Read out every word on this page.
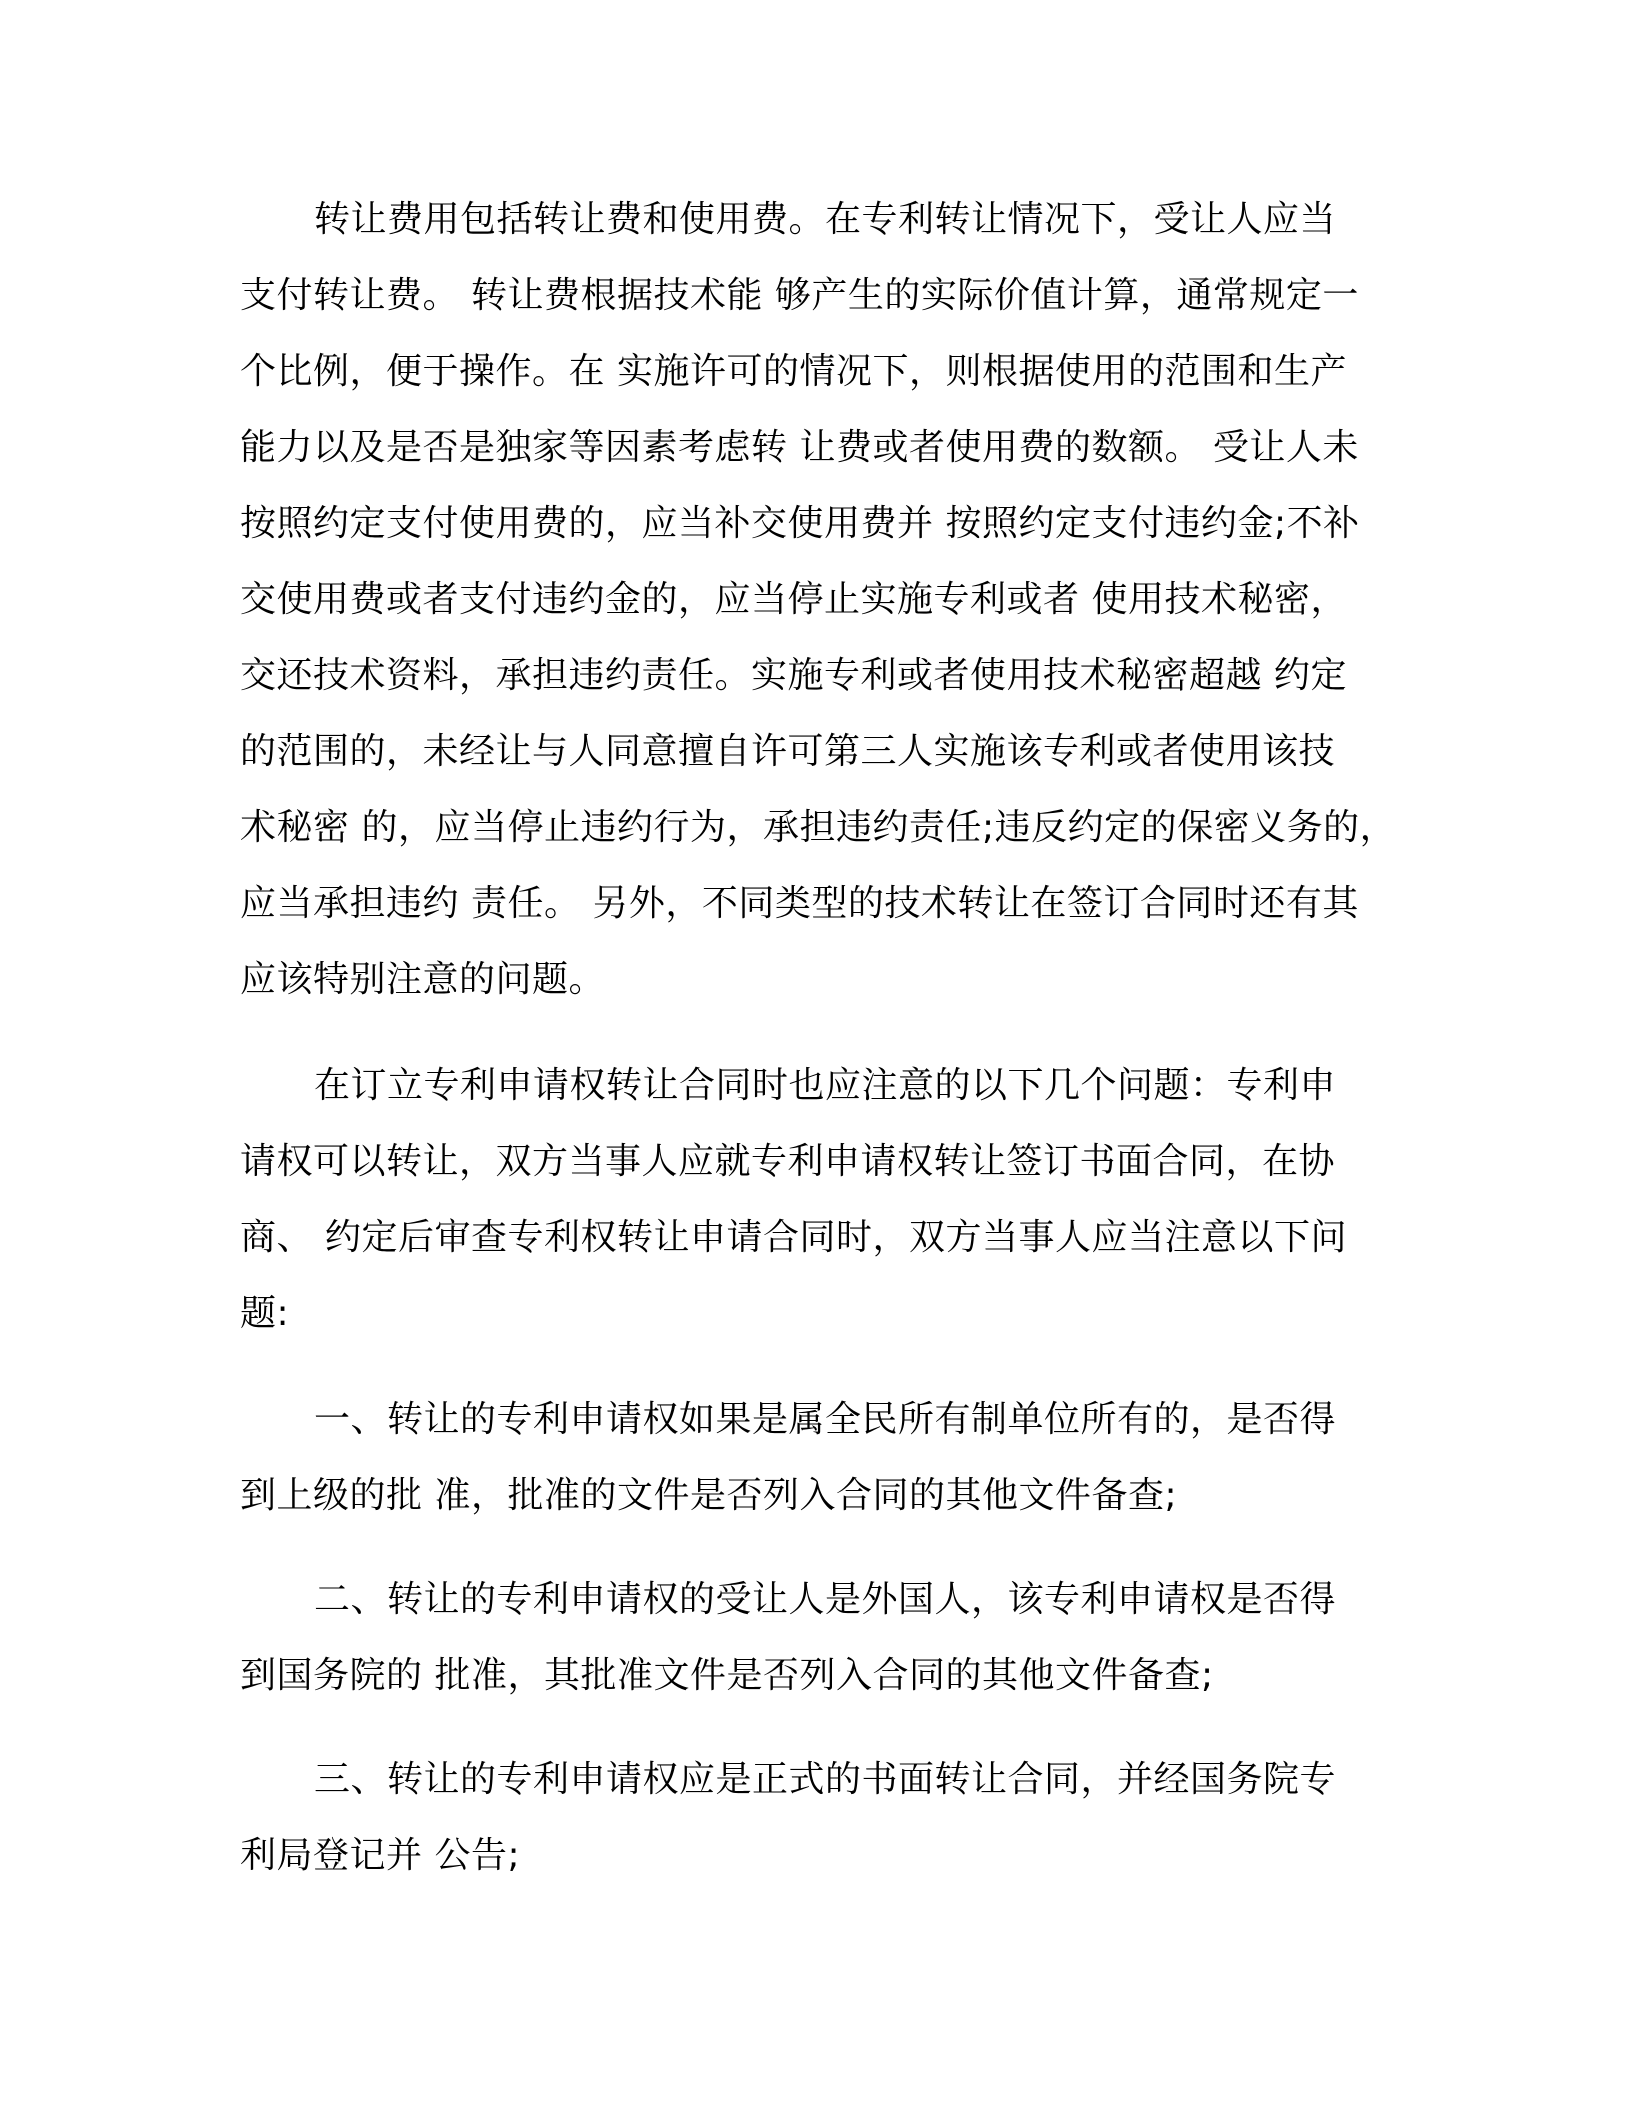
转让费用包括转让费和使用费。在专利转让情况下，受让人应当
支付转让费。 转让费根据技术能 够产生的实际价值计算，通常规定一
个比例，便于操作。在 实施许可的情况下，则根据使用的范围和生产
能力以及是否是独家等因素考虑转 让费或者使用费的数额。 受让人未
按照约定支付使用费的，应当补交使用费并 按照约定支付违约金;不补
交使用费或者支付违约金的，应当停止实施专利或者 使用技术秘密，
交还技术资料，承担违约责任。实施专利或者使用技术秘密超越 约定
的范围的，未经让与人同意擅自许可第三人实施该专利或者使用该技
术秘密 的，应当停止违约行为，承担违约责任;违反约定的保密义务的，
应当承担违约 责任。 另外，不同类型的技术转让在签订合同时还有其
应该特别注意的问题。
在订立专利申请权转让合同时也应注意的以下几个问题：专利申
请权可以转让，双方当事人应就专利申请权转让签订书面合同，在协
商、 约定后审查专利权转让申请合同时，双方当事人应当注意以下问
题:
一、转让的专利申请权如果是属全民所有制单位所有的，是否得
到上级的批 准，批准的文件是否列入合同的其他文件备查;
二、转让的专利申请权的受让人是外国人，该专利申请权是否得
到国务院的 批准，其批准文件是否列入合同的其他文件备查;
三、转让的专利申请权应是正式的书面转让合同，并经国务院专
利局登记并 公告;
